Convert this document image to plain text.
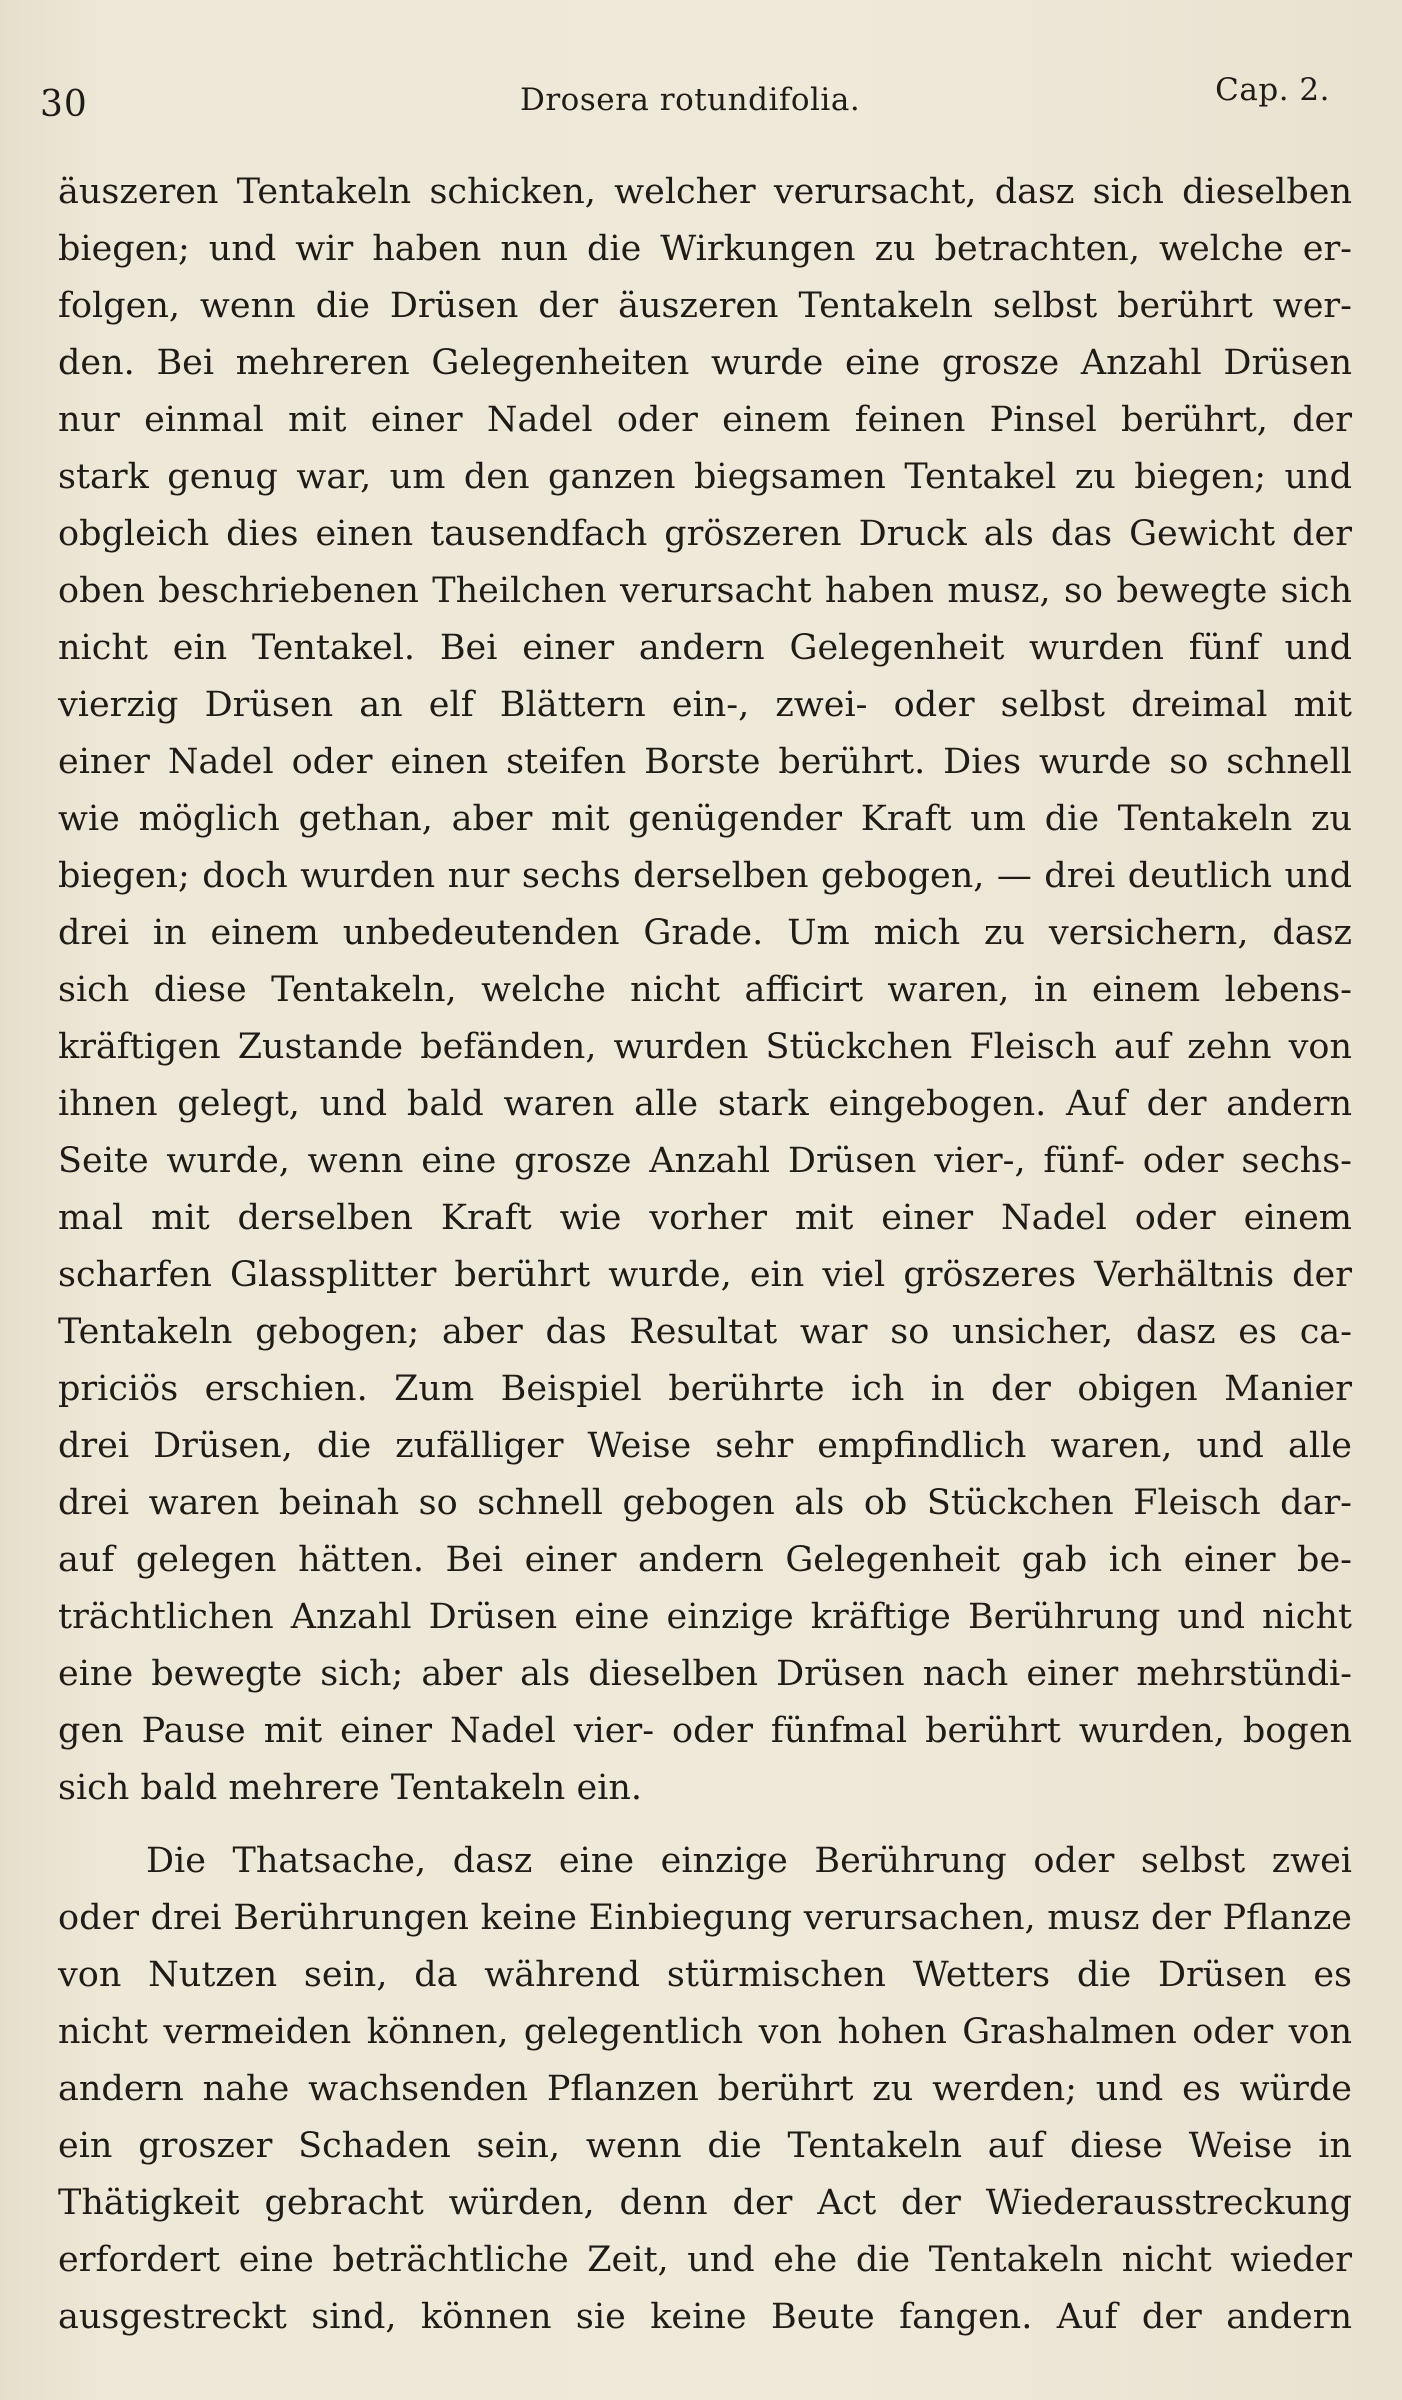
30	Drosera rotundifolia.	Cap. 2.
äuszeren Tentakeln schicken, welcher verursacht, dasz sich dieselben
biegen; und wir haben nun die Wirkungen zu betrachten, welche er-
folgen, wenn die Drüsen der äuszeren Tentakeln selbst berührt wer-
den. Bei mehreren Gelegenheiten wurde eine grosze Anzahl Drüsen
nur einmal mit einer Nadel oder einem feinen Pinsel berührt, der
stark genug war, um den ganzen biegsamen Tentakel zu biegen; und
obgleich dies einen tausendfach gröszeren Druck als das Gewicht der
oben beschriebenen Theilchen verursacht haben musz, so bewegte sich
nicht ein Tentakel. Bei einer andern Gelegenheit wurden fünf und
vierzig Drüsen an elf Blättern ein-, zwei- oder selbst dreimal mit
einer Nadel oder einen steifen Borste berührt. Dies wurde so schnell
wie möglich gethan, aber mit genügender Kraft um die Tentakeln zu
biegen; doch wurden nur sechs derselben gebogen, — drei deutlich und
drei in einem unbedeutenden Grade. Um mich zu versichern, dasz
sich diese Tentakeln, welche nicht afficirt waren, in einem lebens-
kräftigen Zustande befänden, wurden Stückchen Fleisch auf zehn von
ihnen gelegt, und bald waren alle stark eingebogen. Auf der andern
Seite wurde, wenn eine grosze Anzahl Drüsen vier-, fünf- oder sechs-
mal mit derselben Kraft wie vorher mit einer Nadel oder einem
scharfen Glassplitter berührt wurde, ein viel gröszeres Verhältnis der
Tentakeln gebogen; aber das Resultat war so unsicher, dasz es ca-
priciös erschien. Zum Beispiel berührte ich in der obigen Manier
drei Drüsen, die zufälliger Weise sehr empfindlich waren, und alle
drei waren beinah so schnell gebogen als ob Stückchen Fleisch dar-
auf gelegen hätten. Bei einer andern Gelegenheit gab ich einer be-
trächtlichen Anzahl Drüsen eine einzige kräftige Berührung und nicht
eine bewegte sich; aber als dieselben Drüsen nach einer mehrstündi-
gen Pause mit einer Nadel vier- oder fünfmal berührt wurden, bogen
sich bald mehrere Tentakeln ein.
Die Thatsache, dasz eine einzige Berührung oder selbst zwei
oder drei Berührungen keine Einbiegung verursachen, musz der Pflanze
von Nutzen sein, da während stürmischen Wetters die Drüsen es
nicht vermeiden können, gelegentlich von hohen Grashalmen oder von
andern nahe wachsenden Pflanzen berührt zu werden; und es würde
ein groszer Schaden sein, wenn die Tentakeln auf diese Weise in
Thätigkeit gebracht würden, denn der Act der Wiederausstreckung
erfordert eine beträchtliche Zeit, und ehe die Tentakeln nicht wieder
ausgestreckt sind, können sie keine Beute fangen. Auf der andern
